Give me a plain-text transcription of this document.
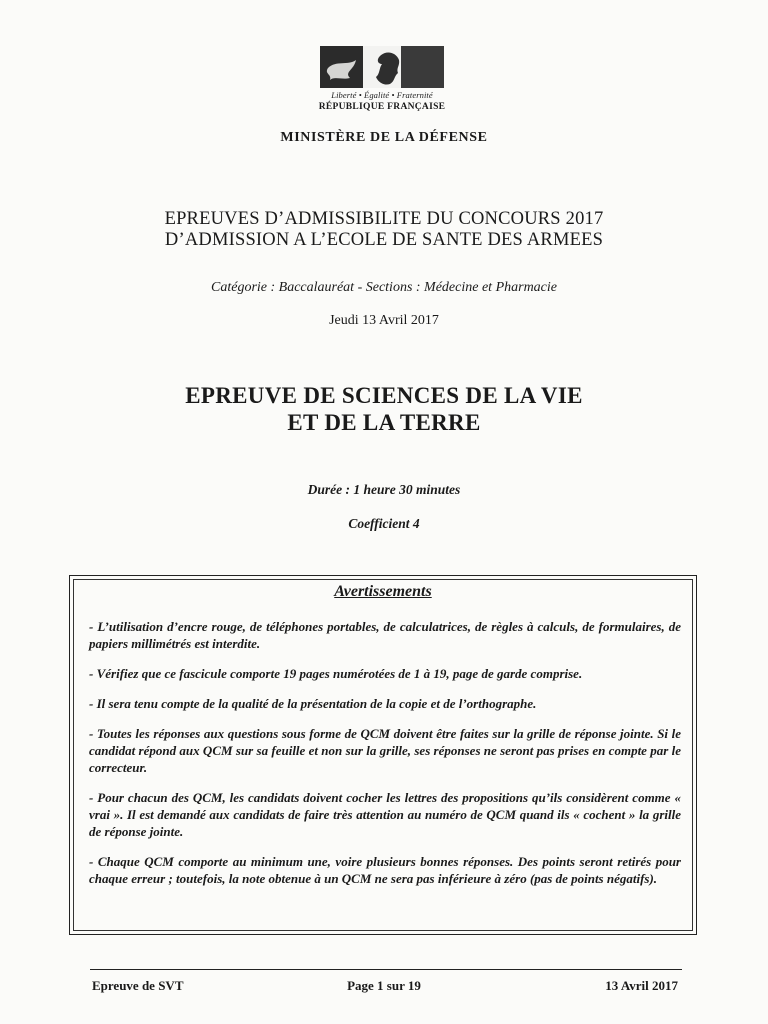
Liberté • Égalité • Fraternité
RÉPUBLIQUE FRANÇAISE
MINISTÈRE DE LA DÉFENSE
EPREUVES D’ADMISSIBILITE DU CONCOURS 2017
D’ADMISSION A L’ECOLE DE SANTE DES ARMEES
Catégorie : Baccalauréat - Sections : Médecine et Pharmacie
Jeudi 13 Avril 2017
EPREUVE DE SCIENCES DE LA VIE
ET DE LA TERRE
Durée : 1 heure 30 minutes
Coefficient 4
Avertissements

- L’utilisation d’encre rouge, de téléphones portables, de calculatrices, de règles à calculs, de formulaires, de papiers millimétrés est interdite.

- Vérifiez que ce fascicule comporte 19 pages numérotées de 1 à 19, page de garde comprise.

- Il sera tenu compte de la qualité de la présentation de la copie et de l’orthographe.

- Toutes les réponses aux questions sous forme de QCM doivent être faites sur la grille de réponse jointe. Si le candidat répond aux QCM sur sa feuille et non sur la grille, ses réponses ne seront pas prises en compte par le correcteur.

- Pour chacun des QCM, les candidats doivent cocher les lettres des propositions qu’ils considèrent comme « vrai ». Il est demandé aux candidats de faire très attention au numéro de QCM quand ils « cochent » la grille de réponse jointe.

- Chaque QCM comporte au minimum une, voire plusieurs bonnes réponses. Des points seront retirés pour chaque erreur ; toutefois, la note obtenue à un QCM ne sera pas inférieure à zéro (pas de points négatifs).

Epreuve de SVT	Page 1 sur 19	13 Avril 2017
